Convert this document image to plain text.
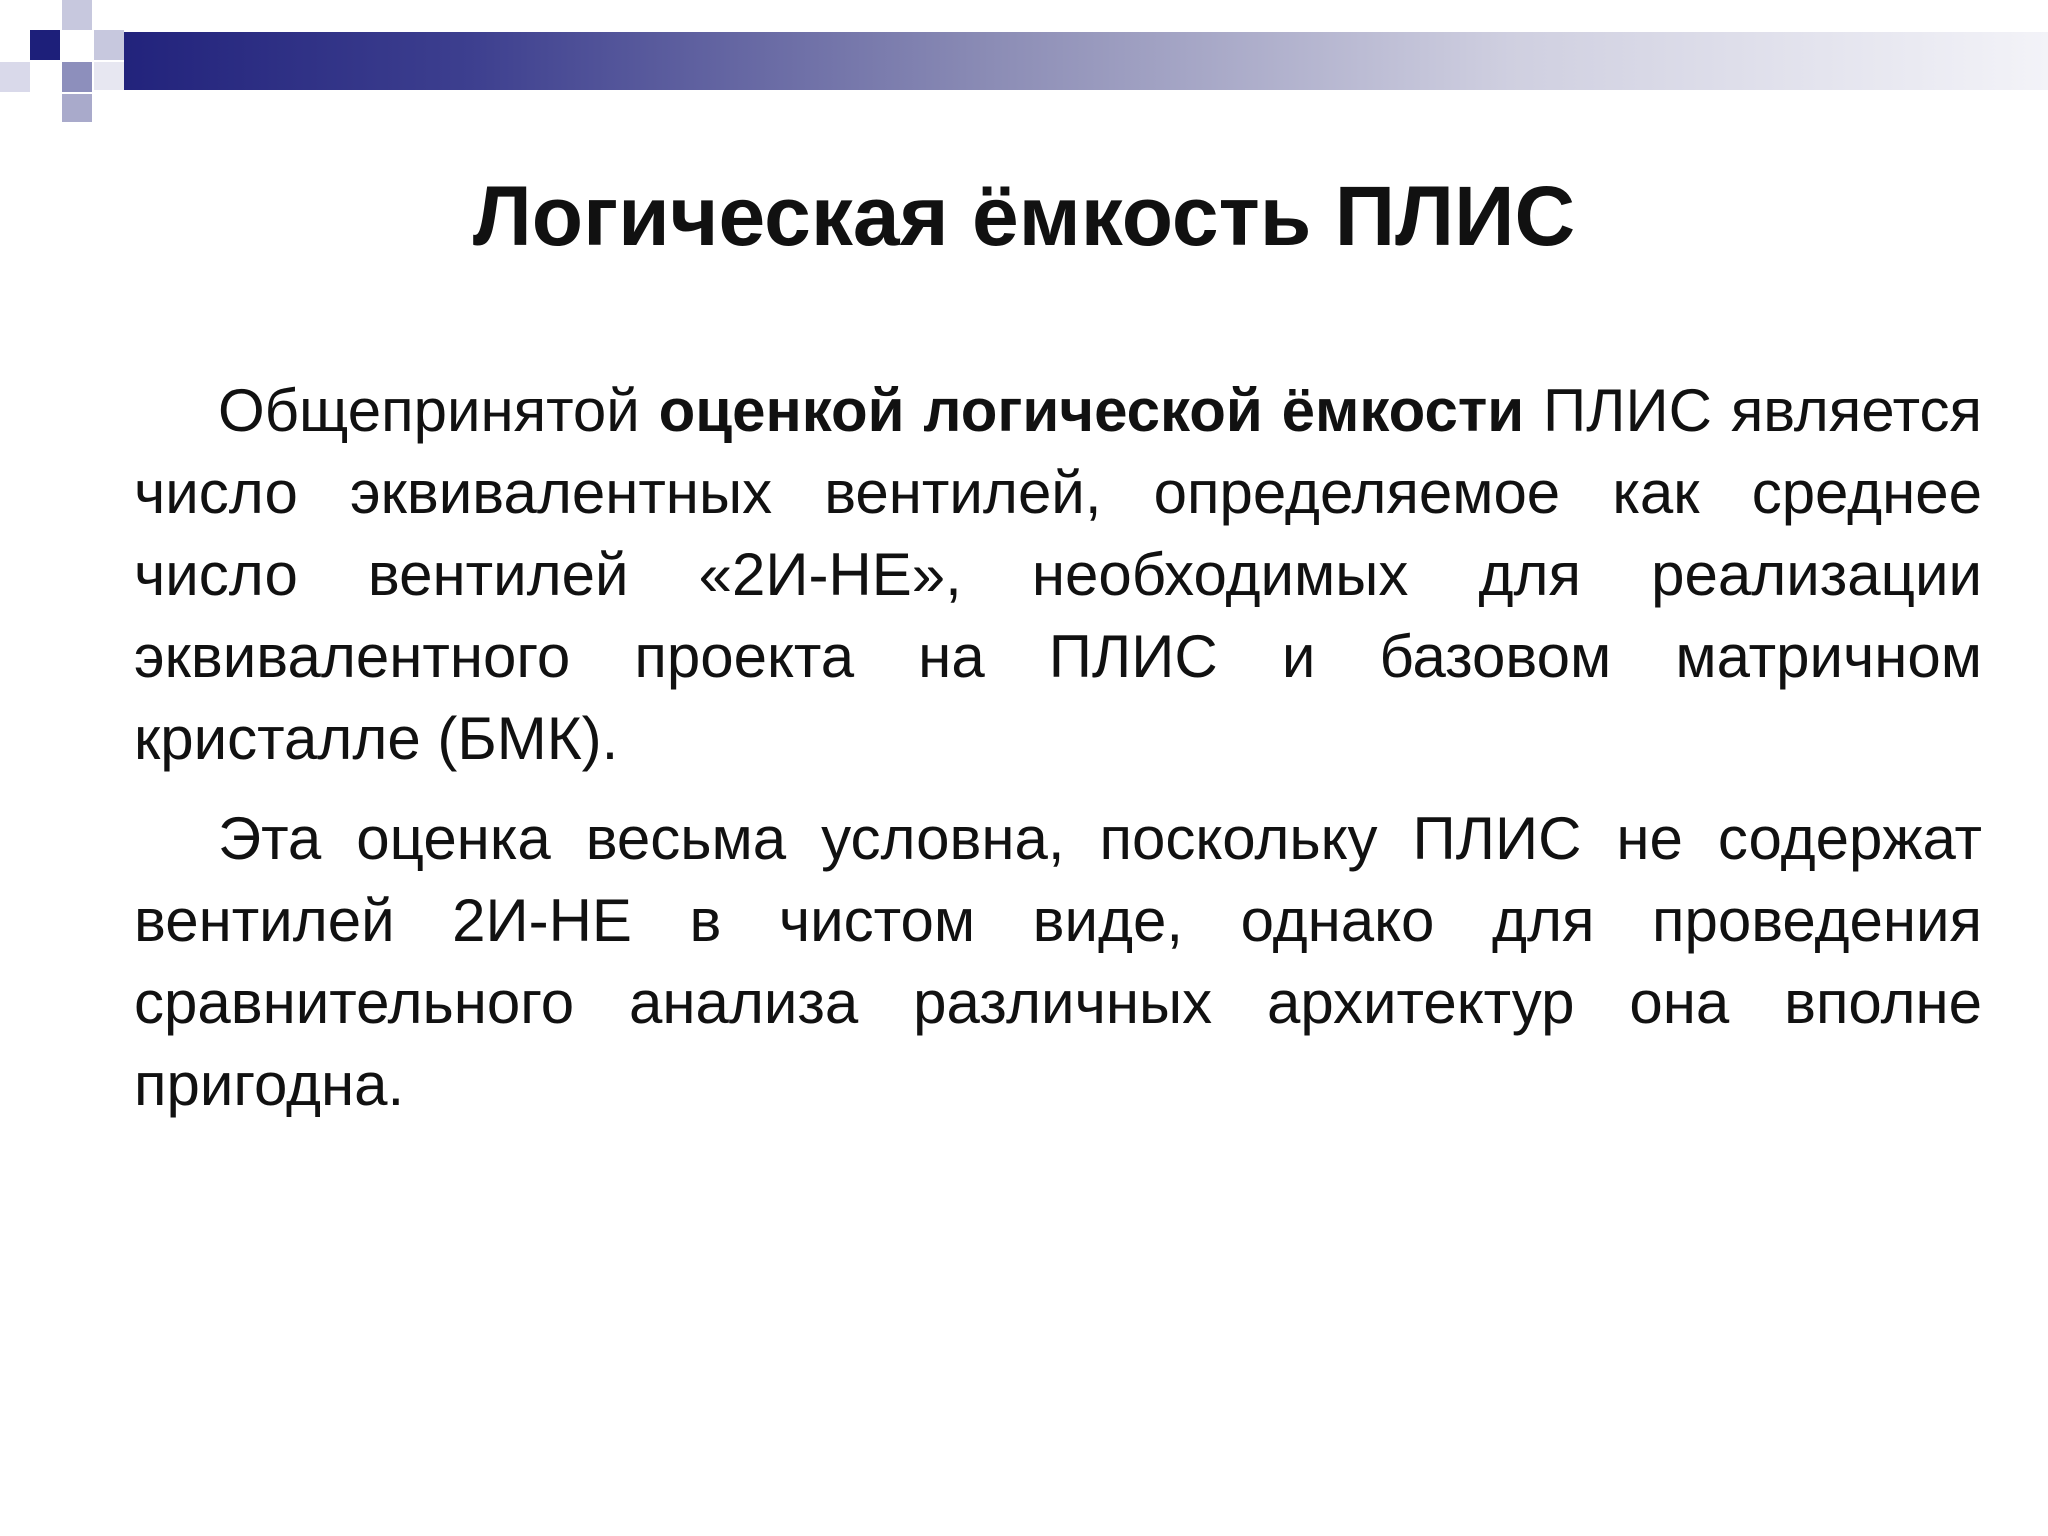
Логическая ёмкость ПЛИС

Общепринятой оценкой логической ёмкости ПЛИС является число эквивалентных вентилей, определяемое как среднее число вентилей «2И-НЕ», необходимых для реализации эквивалентного проекта на ПЛИС и базовом матричном кристалле (БМК).

Эта оценка весьма условна, поскольку ПЛИС не содержат вентилей 2И-НЕ в чистом виде, однако для проведения сравнительного анализа различных архитектур она вполне пригодна.
